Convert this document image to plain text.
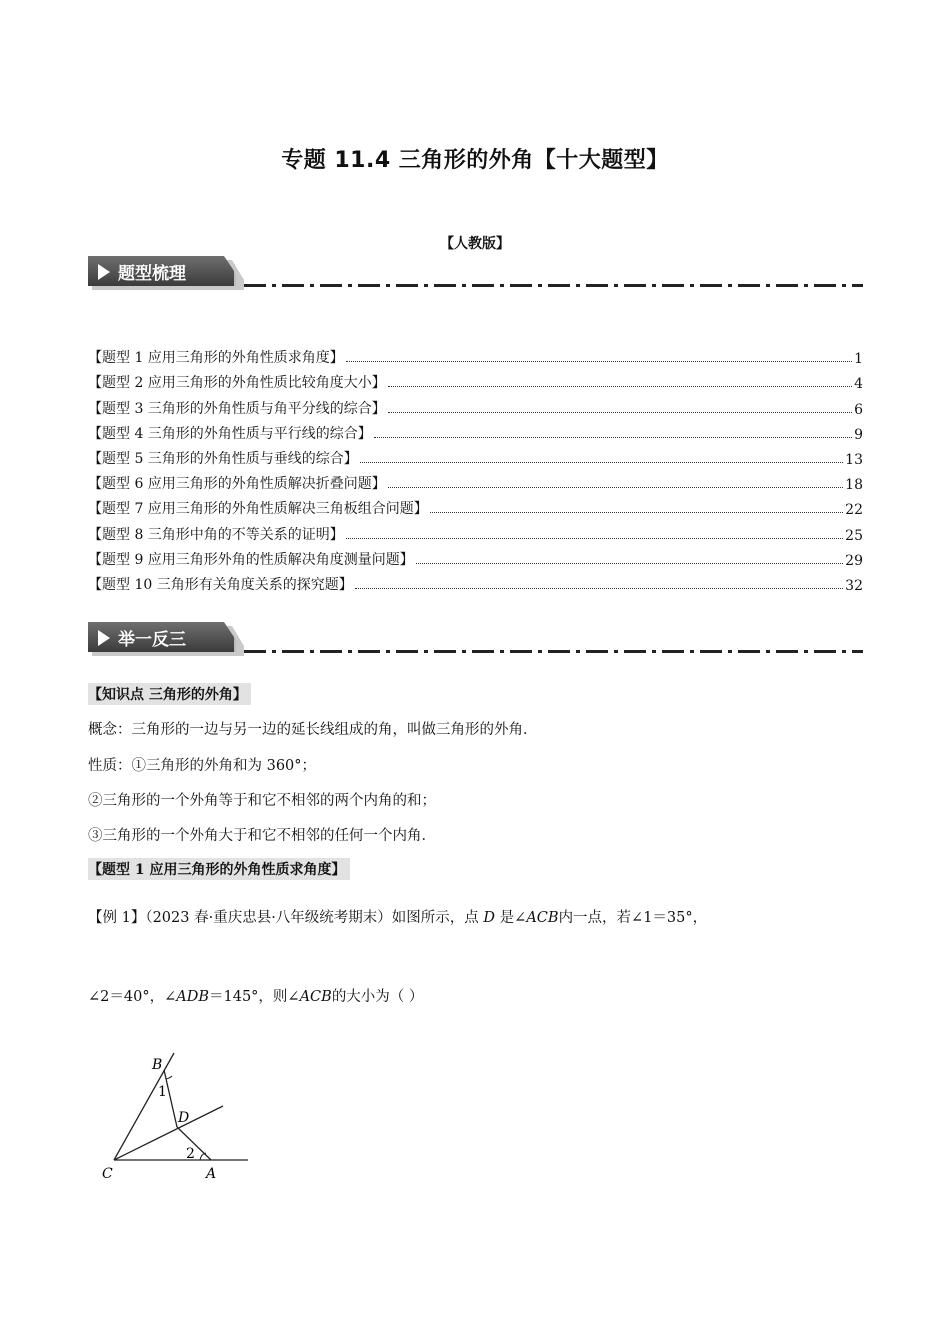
专题 11.4 三角形的外角【十大题型】
【人教版】
题型梳理
【题型 1 应用三角形的外角性质求角度】	1
【题型 2 应用三角形的外角性质比较角度大小】	4
【题型 3 三角形的外角性质与角平分线的综合】	6
【题型 4 三角形的外角性质与平行线的综合】	9
【题型 5 三角形的外角性质与垂线的综合】	13
【题型 6 应用三角形的外角性质解决折叠问题】	18
【题型 7 应用三角形的外角性质解决三角板组合问题】	22
【题型 8 三角形中角的不等关系的证明】	25
【题型 9 应用三角形外角的性质解决角度测量问题】	29
【题型 10 三角形有关角度关系的探究题】	32
举一反三
【知识点 三角形的外角】
概念：三角形的一边与另一边的延长线组成的角，叫做三角形的外角．
性质：①三角形的外角和为 360°；
②三角形的一个外角等于和它不相邻的两个内角的和；
③三角形的一个外角大于和它不相邻的任何一个内角．
【题型 1 应用三角形的外角性质求角度】
【例 1】（2023 春·重庆忠县·八年级统考期末）如图所示，点 D 是∠ACB内一点，若∠1＝35°，
∠2＝40°，∠ADB＝145°，则∠ACB的大小为（ ）
B
1
D
2
C	A
